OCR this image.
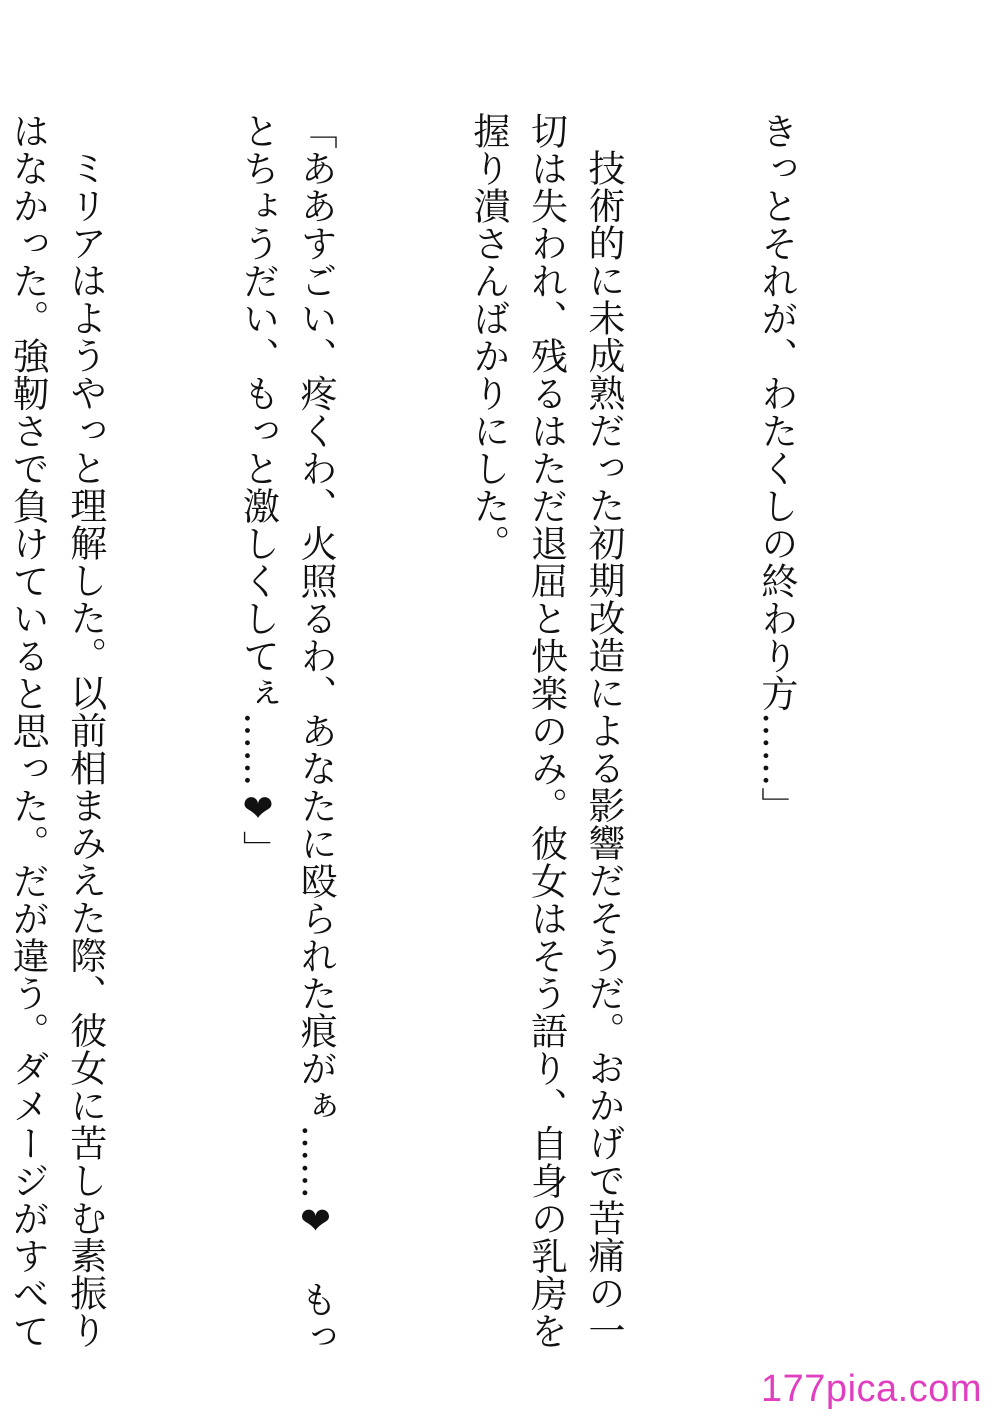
きっとそれが、わたくしの終わり方……」

技術的に未成熟だった初期改造による影響だそうだ。おかげで苦痛の一切は失われ、残るはただ退屈と快楽のみ。彼女はそう語り、自身の乳房を握り潰さんばかりにした。

「ああすごい、疼くわ、火照るわ、あなたに殴られた痕がぁ……❤　もっとちょうだい、もっと激しくしてぇ……❤」

ミリアはようやっと理解した。以前相まみえた際、彼女に苦しむ素振りはなかった。強靭さで負けていると思った。だが違う。ダメージがすべて

177pica.com
